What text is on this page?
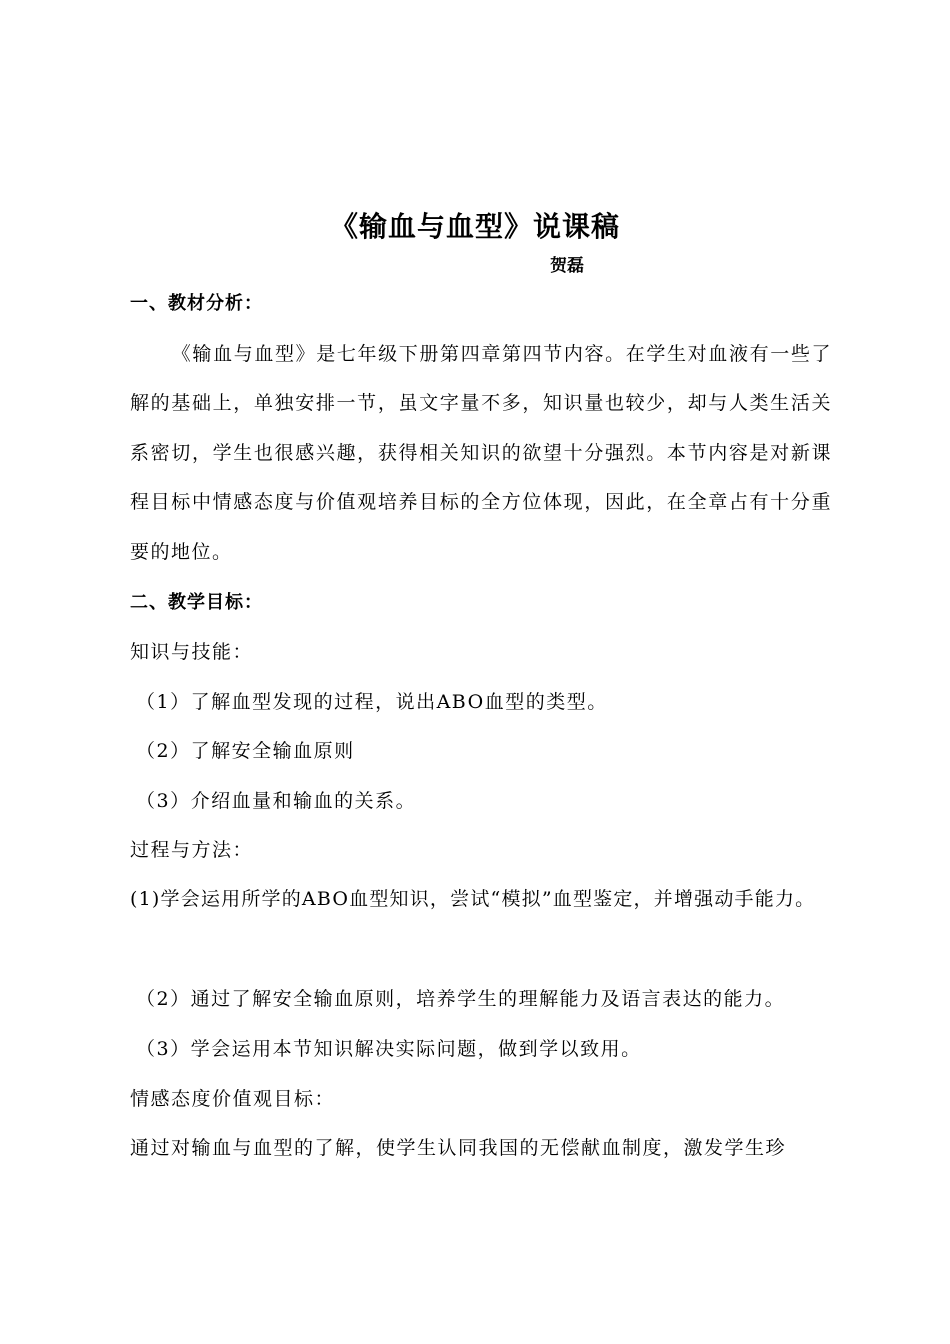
《输血与血型》说课稿
贺磊
一、教材分析：
《输血与血型》是七年级下册第四章第四节内容。在学生对血液有一些了解的基础上，单独安排一节，虽文字量不多，知识量也较少，却与人类生活关系密切，学生也很感兴趣，获得相关知识的欲望十分强烈。本节内容是对新课程目标中情感态度与价值观培养目标的全方位体现，因此，在全章占有十分重要的地位。
二、教学目标：
知识与技能：
（1）了解血型发现的过程，说出ABO血型的类型。
（2）了解安全输血原则
（3）介绍血量和输血的关系。
过程与方法：
(1)学会运用所学的ABO血型知识，尝试“模拟”血型鉴定，并增强动手能力。
（2）通过了解安全输血原则，培养学生的理解能力及语言表达的能力。
（3）学会运用本节知识解决实际问题，做到学以致用。
情感态度价值观目标：
通过对输血与血型的了解，使学生认同我国的无偿献血制度，激发学生珍
